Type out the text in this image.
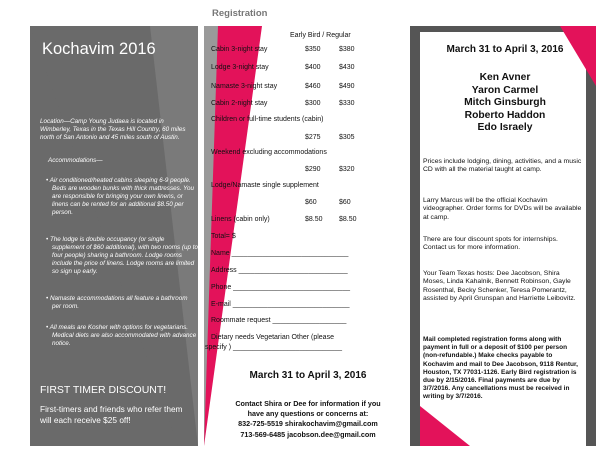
Kochavim 2016
Location—Camp Young Judaea is located in Wimberley, Texas in the Texas Hill Country, 60 miles north of San Antonio and 45 miles south of Austin.
Accommodations—
• Air conditioned/heated cabins sleeping 6-9 people. Beds are wooden bunks with thick mattresses. You are responsible for bringing your own linens, or linens can be rented for an additional $8.50 per person.
• The lodge is double occupancy (or single supplement of $60 additional), with two rooms (up to four people) sharing a bathroom. Lodge rooms include the price of linens. Lodge rooms are limited so sign up early.
• Namaste accommodations all feature a bathroom per room.
• All meals are Kosher with options for vegetarians. Medical diets are also accommodated with advance notice.
FIRST TIMER DISCOUNT!
First-timers and friends who refer them will each receive $25 off!
Registration
Early Bird / Regular
Cabin 3-night stay	$350	$380
Lodge 3-night stay	$400	$430
Namaste 3-night stay	$460	$490
Cabin 2-night stay	$300	$330
Children or full-time students (cabin)
$275	$305
Weekend excluding accommodations
$290	$320
Lodge/Namaste single supplement
$60	$60
Linens (cabin only)	$8.50 $8.50
Total= $
Name ______________________________
Address ____________________________
Phone ______________________________
E-mail ______________________________
Roommate request ___________________
Dietary needs Vegetarian Other (please
specify ) ____________________________
March 31 to April 3, 2016
Contact Shira or Dee for information if you
have any questions or concerns at:
832-725-5519 shirakochavim@gmail.com
713-569-6485 jacobson.dee@gmail.com
March 31 to April 3, 2016
Ken Avner
Yaron Carmel
Mitch Ginsburgh
Roberto Haddon
Edo Israely
Prices include lodging, dining, activities, and a music CD with all the material taught at camp.
Larry Marcus will be the official Kochavim videographer. Order forms for DVDs will be available at camp.
There are four discount spots for internships. Contact us for more information.
Your Team Texas hosts: Dee Jacobson, Shira Moses, Linda Kahalnik, Bennett Robinson, Gayle Rosenthal, Becky Schenker, Teresa Pomerantz, assisted by April Grunspan and Harriette Leibovitz.
Mail completed registration forms along with payment in full or a deposit of $100 per person (non-refundable.) Make checks payable to Kochavim and mail to Dee Jacobson, 9118 Rentur, Houston, TX 77031-1126. Early Bird registration is due by 2/15/2016. Final payments are due by 3/7/2016. Any cancellations must be received in writing by 3/7/2016.
